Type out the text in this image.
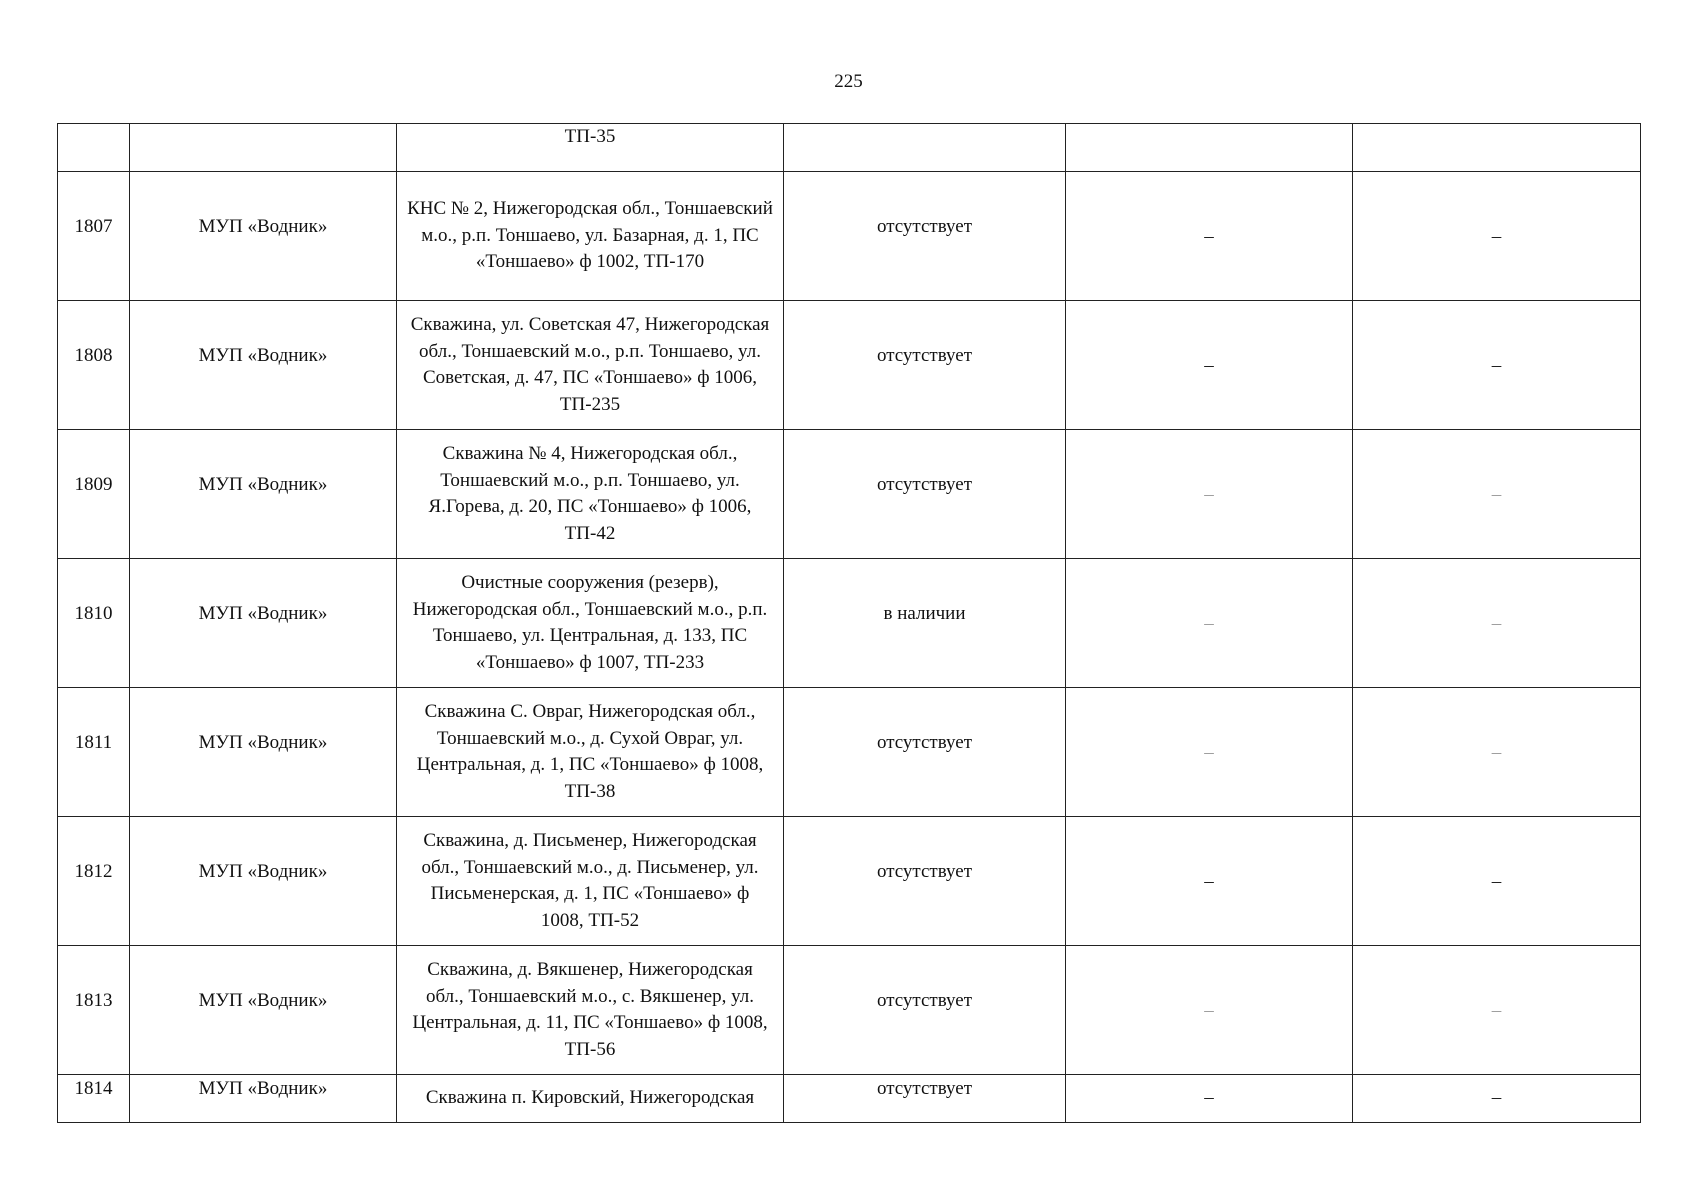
225
		ТП-35			
1807	МУП «Водник»	КНС № 2, Нижегородская обл., Тоншаевский м.о., р.п. Тоншаево, ул. Базарная, д. 1, ПС «Тоншаево» ф 1002, ТП-170	отсутствует	–	–
1808	МУП «Водник»	Скважина, ул. Советская 47, Нижегородская обл., Тоншаевский м.о., р.п. Тоншаево, ул. Советская, д. 47, ПС «Тоншаево» ф 1006, ТП-235	отсутствует	–	–
1809	МУП «Водник»	Скважина № 4, Нижегородская обл., Тоншаевский м.о., р.п. Тоншаево, ул. Я.Горева, д. 20, ПС «Тоншаево» ф 1006, ТП-42	отсутствует	–	–
1810	МУП «Водник»	Очистные сооружения (резерв), Нижегородская обл., Тоншаевский м.о., р.п. Тоншаево, ул. Центральная, д. 133, ПС «Тоншаево» ф 1007, ТП-233	в наличии	–	–
1811	МУП «Водник»	Скважина С. Овраг, Нижегородская обл., Тоншаевский м.о., д. Сухой Овраг, ул. Центральная, д. 1, ПС «Тоншаево» ф 1008, ТП-38	отсутствует	–	–
1812	МУП «Водник»	Скважина, д. Письменер, Нижегородская обл., Тоншаевский м.о., д. Письменер, ул. Письменерская, д. 1, ПС «Тоншаево» ф 1008, ТП-52	отсутствует	–	–
1813	МУП «Водник»	Скважина, д. Вякшенер, Нижегородская обл., Тоншаевский м.о., с. Вякшенер, ул. Центральная, д. 11, ПС «Тоншаево» ф 1008, ТП-56	отсутствует	–	–
1814	МУП «Водник»	Скважина п. Кировский, Нижегородская	отсутствует	–	–
